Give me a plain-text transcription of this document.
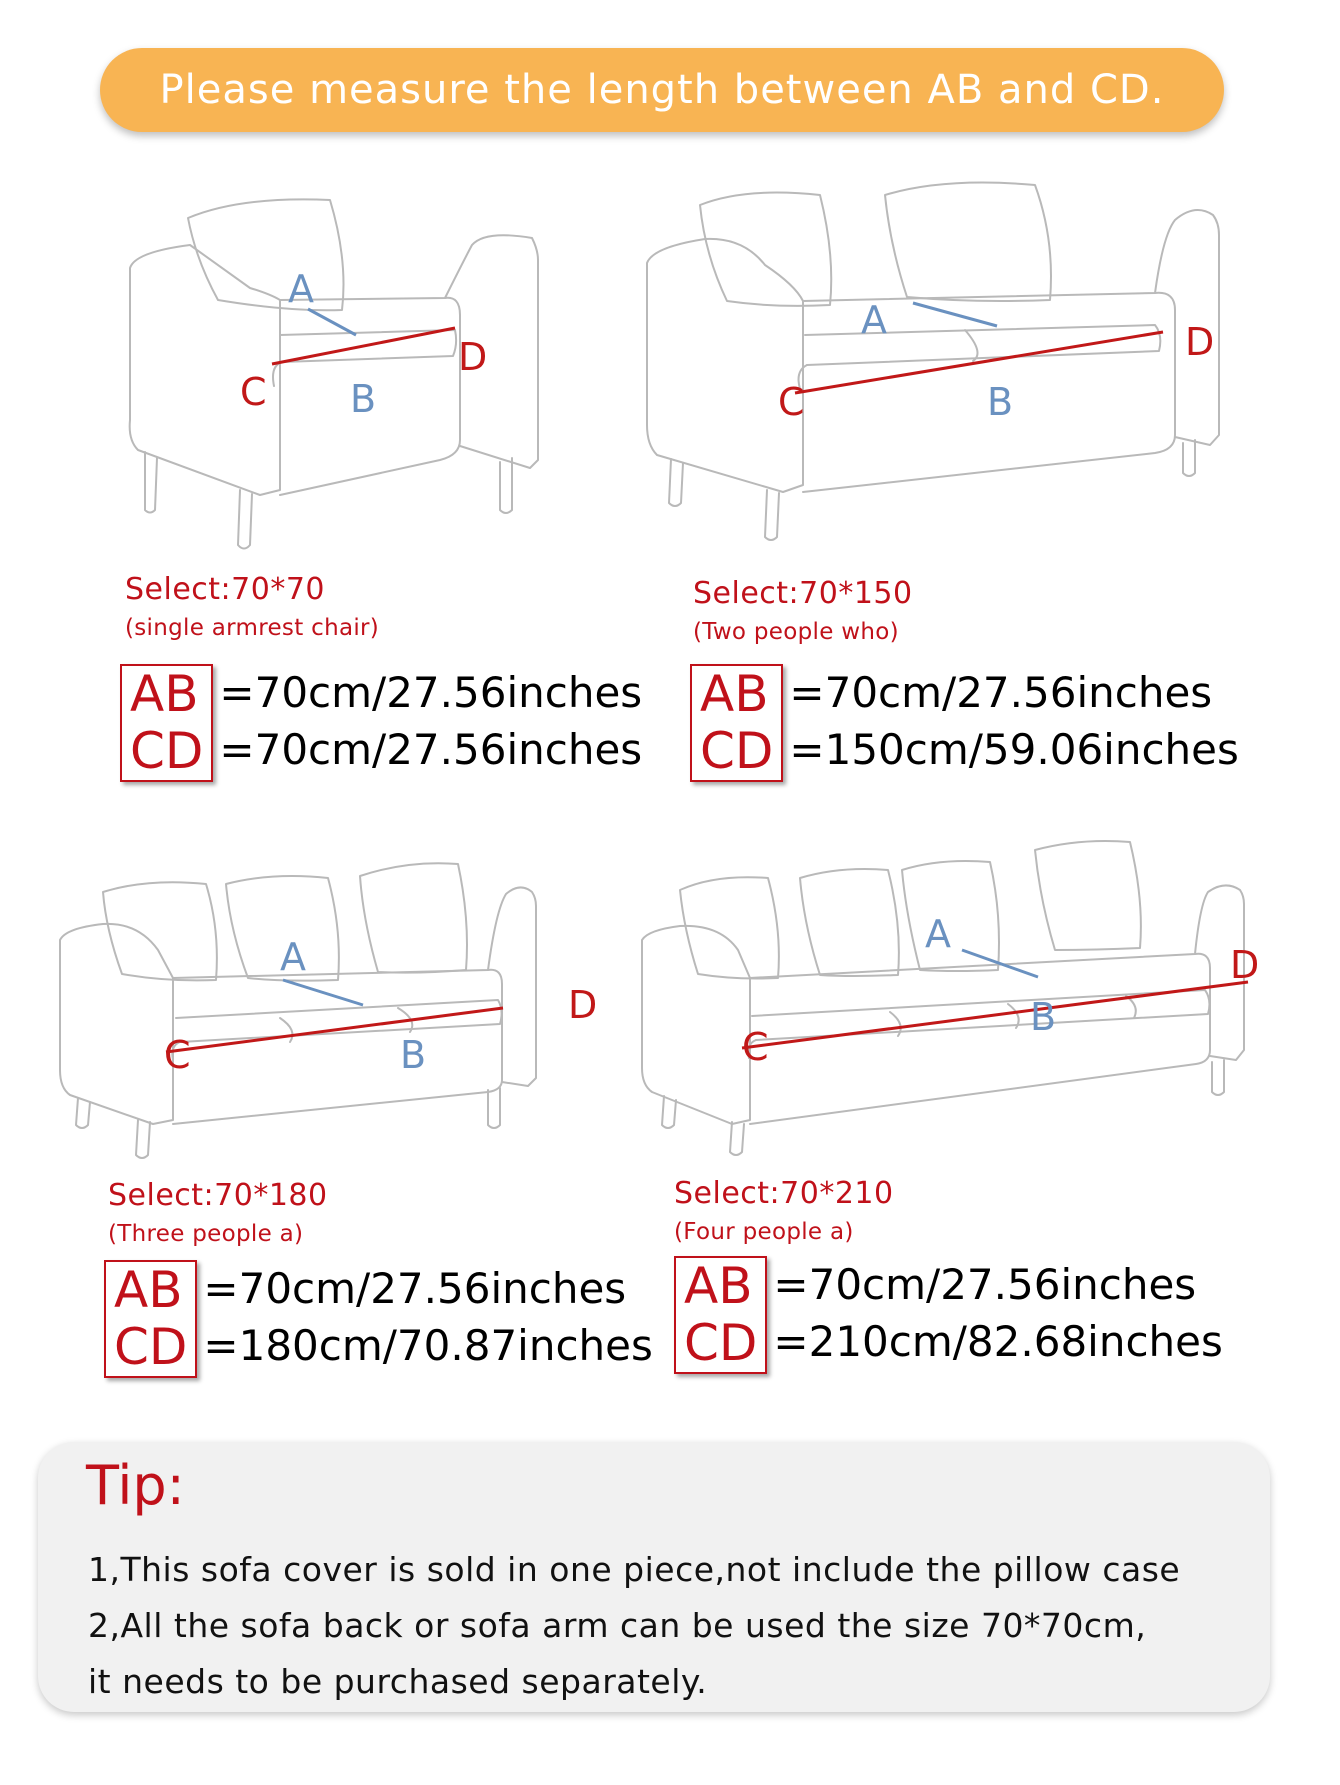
Please measure the length between AB and CD.
A
B
C
D
A
B
C
D
A
B
C
D
A
B
C
D
Select:70*70
(single armrest chair)
Select:70*150
(Two people who)
Select:70*180
(Three people a)
Select:70*210
(Four people a)
AB
CD
=70cm/27.56inches
=70cm/27.56inches
AB
CD
=70cm/27.56inches
=150cm/59.06inches
AB
CD
=70cm/27.56inches
=180cm/70.87inches
AB
CD
=70cm/27.56inches
=210cm/82.68inches
Tip:
1,This sofa cover is sold in one piece,not include the pillow case
2,All the sofa back or sofa arm can be used the size 70*70cm,
it needs to be purchased separately.
